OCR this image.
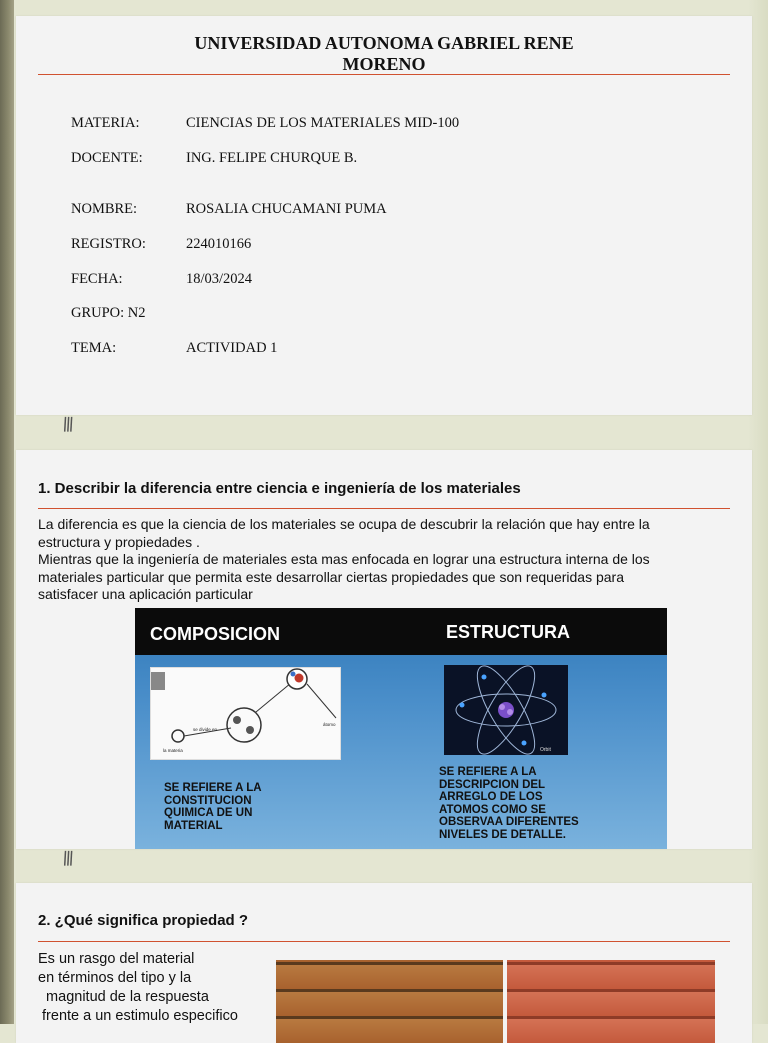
UNIVERSIDAD AUTONOMA GABRIEL RENE
MORENO
MATERIA:	CIENCIAS DE LOS MATERIALES MID-100
DOCENTE:	ING. FELIPE CHURQUE B.
NOMBRE:	ROSALIA CHUCAMANI PUMA
REGISTRO:	224010166
FECHA:	18/03/2024
GRUPO: N2
TEMA:	ACTIVIDAD 1
\\\
1. Describir la diferencia entre ciencia e ingeniería de los materiales
La diferencia es que la ciencia de los materiales se ocupa de descubrir la relación que hay entre la
estructura y propiedades .
Mientras que la ingeniería de materiales esta mas enfocada en lograr una estructura interna de los
materiales particular que permita este desarrollar ciertas propiedades que son requeridas para
satisfacer una aplicación particular
COMPOSICION	ESTRUCTURA
se divide en
la materia
átomo
Orbit
SE REFIERE A LA
CONSTITUCION
QUIMICA DE UN
MATERIAL
SE REFIERE A LA
DESCRIPCION DEL
ARREGLO DE LOS
ATOMOS COMO SE
OBSERVAA DIFERENTES
NIVELES DE DETALLE.
\\\
2. ¿Qué significa propiedad ?
Es un rasgo del material
en términos del tipo y la
magnitud de la respuesta
frente a un estimulo especifico
